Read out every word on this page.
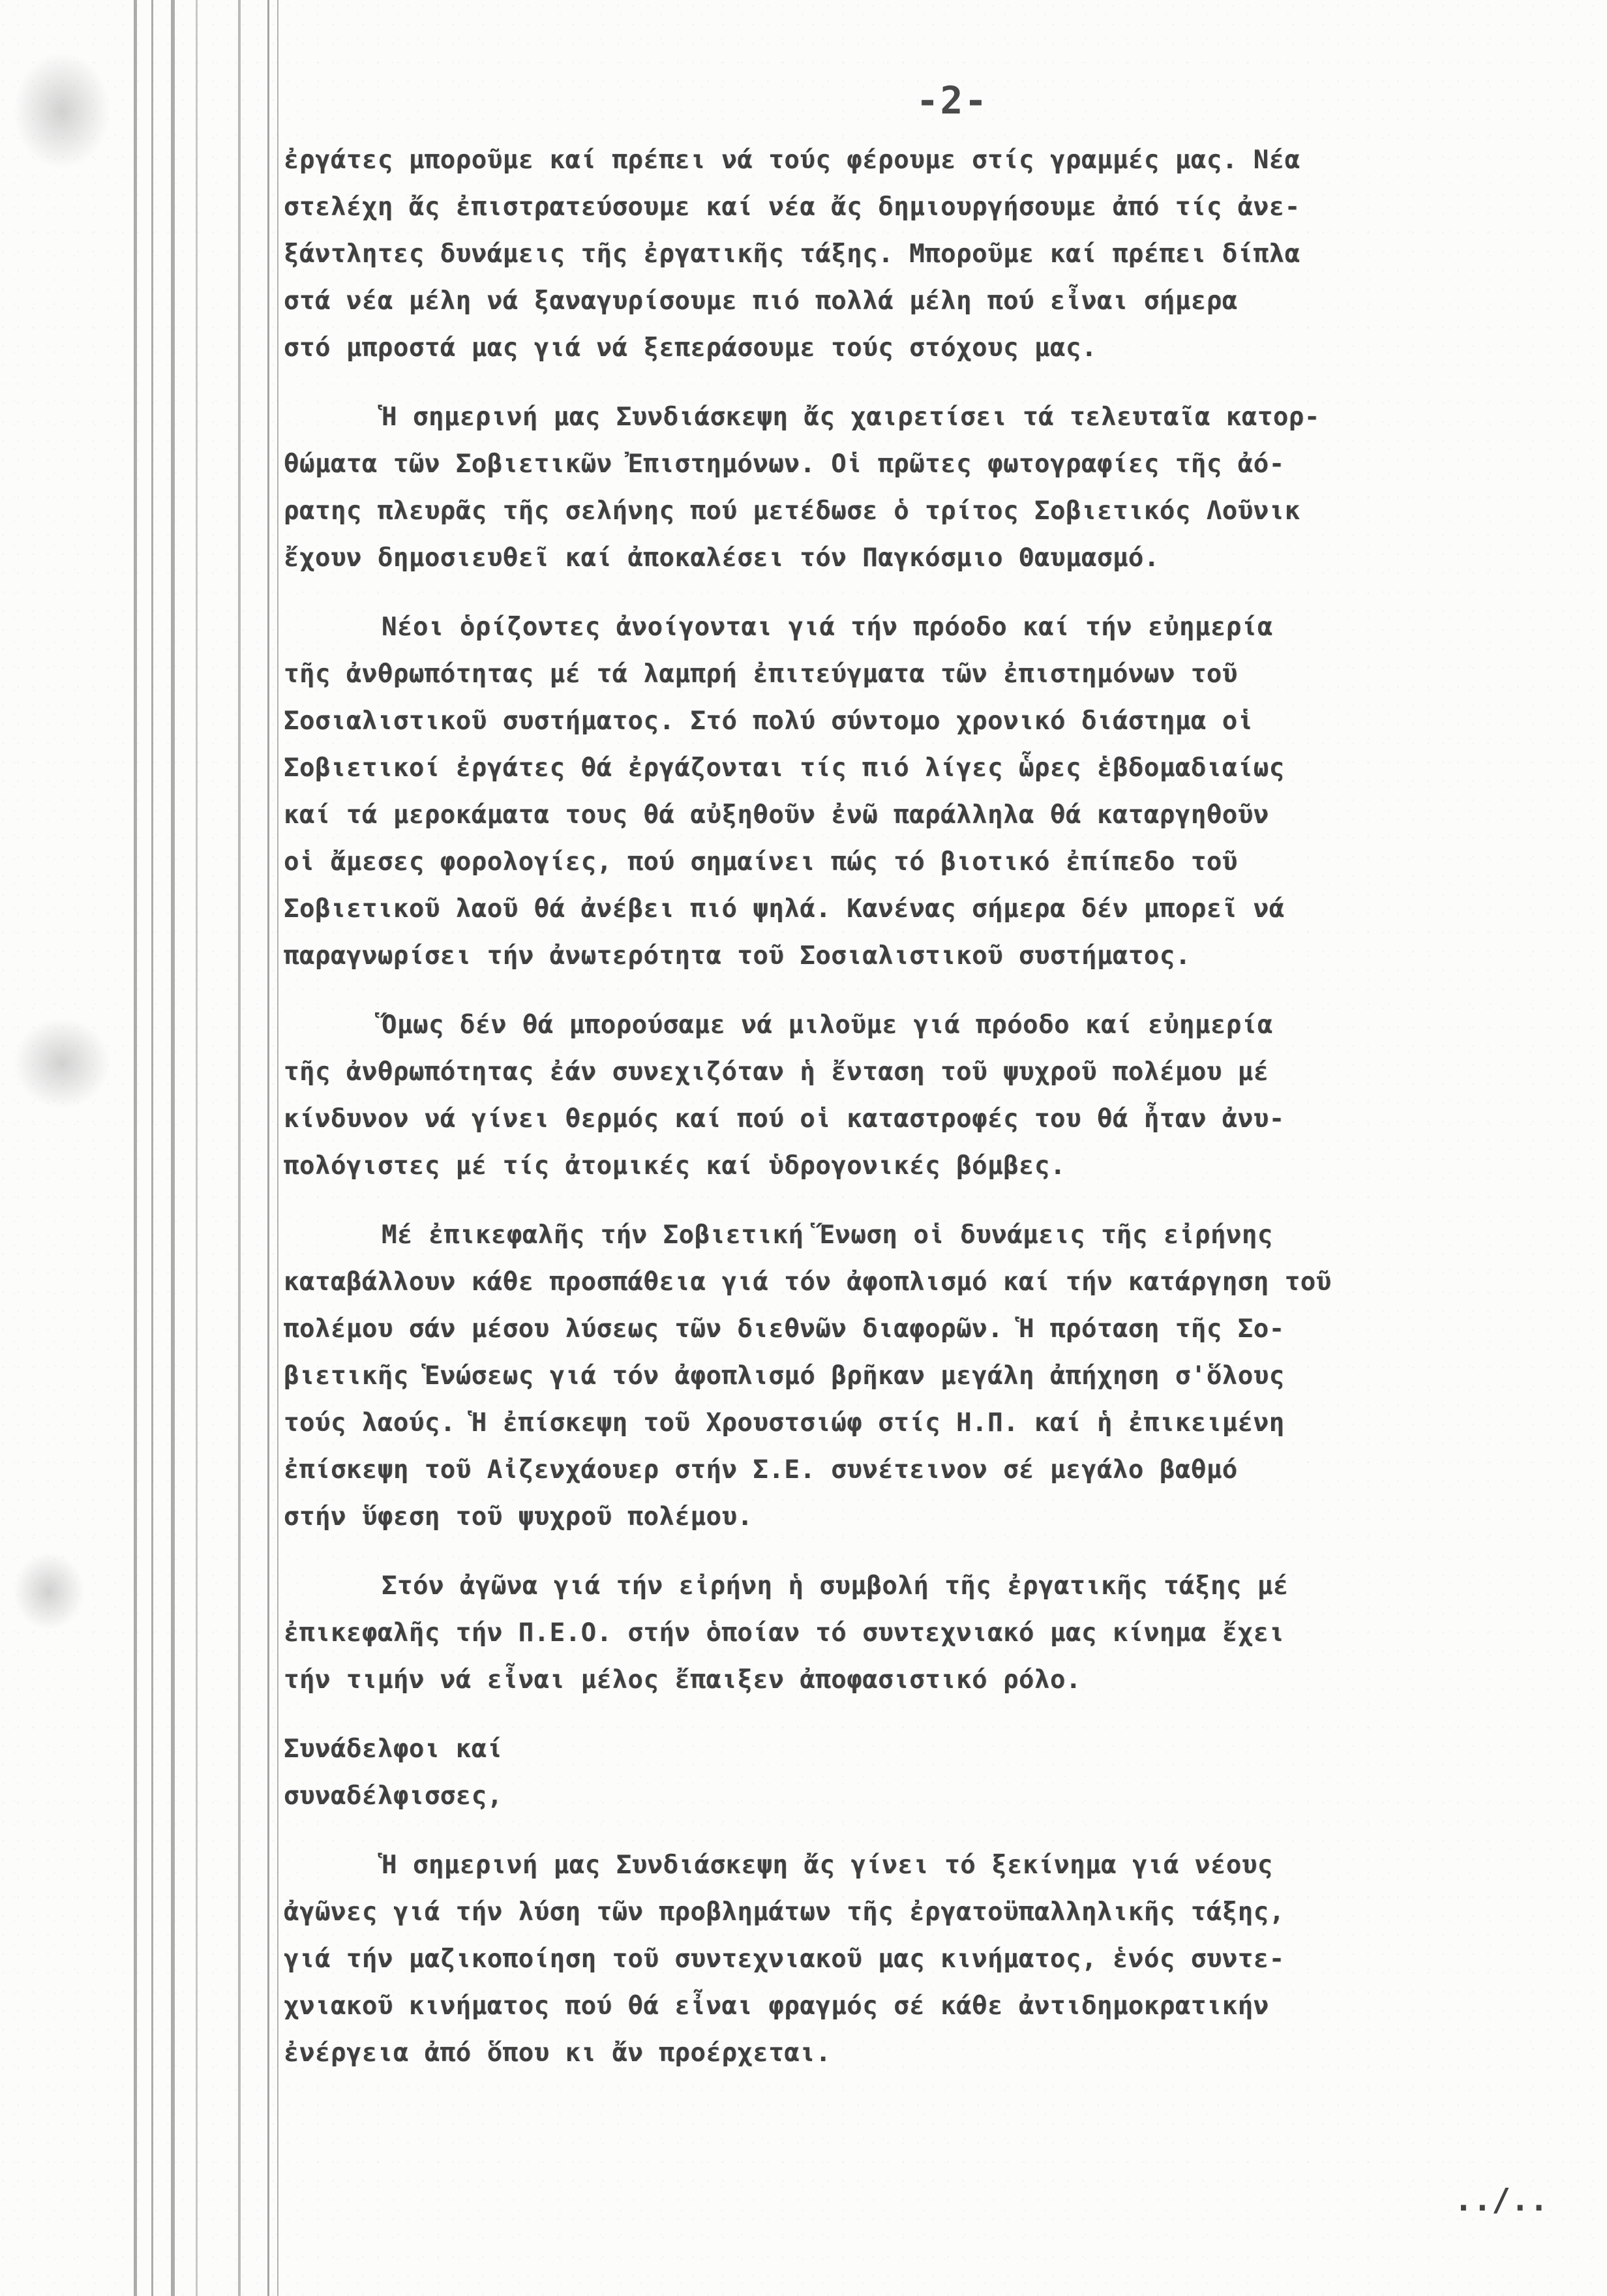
-2-
ἐργάτες μποροῦμε καί πρέπει νά τούς φέρουμε στίς γραμμές μας. Νέα
στελέχη ἄς ἐπιστρατεύσουμε καί νέα ἄς δημιουργήσουμε ἀπό τίς ἀνε-
ξάντλητες δυνάμεις τῆς ἐργατικῆς τάξης. Μποροῦμε καί πρέπει δίπλα
στά νέα μέλη νά ξαναγυρίσουμε πιό πολλά μέλη πού εἶναι σήμερα
στό μπροστά μας γιά νά ξεπεράσουμε τούς στόχους μας.
Ἡ σημερινή μας Συνδιάσκεψη ἄς χαιρετίσει τά τελευταῖα κατορ-
θώματα τῶν Σοβιετικῶν Ἐπιστημόνων. Οἱ πρῶτες φωτογραφίες τῆς ἀό-
ρατης πλευρᾶς τῆς σελήνης πού μετέδωσε ὁ τρίτος Σοβιετικός Λοῦνικ
ἔχουν δημοσιευθεῖ καί ἀποκαλέσει τόν Παγκόσμιο Θαυμασμό.
Νέοι ὁρίζοντες ἀνοίγονται γιά τήν πρόοδο καί τήν εὐημερία
τῆς ἀνθρωπότητας μέ τά λαμπρή ἐπιτεύγματα τῶν ἐπιστημόνων τοῦ
Σοσιαλιστικοῦ συστήματος. Στό πολύ σύντομο χρονικό διάστημα οἱ
Σοβιετικοί ἐργάτες θά ἐργάζονται τίς πιό λίγες ὧρες ἑβδομαδιαίως
καί τά μεροκάματα τους θά αὐξηθοῦν ἐνῶ παράλληλα θά καταργηθοῦν
οἱ ἄμεσες φορολογίες, πού σημαίνει πώς τό βιοτικό ἐπίπεδο τοῦ
Σοβιετικοῦ λαοῦ θά ἀνέβει πιό ψηλά. Κανένας σήμερα δέν μπορεῖ νά
παραγνωρίσει τήν ἀνωτερότητα τοῦ Σοσιαλιστικοῦ συστήματος.
Ὅμως δέν θά μπορούσαμε νά μιλοῦμε γιά πρόοδο καί εὐημερία
τῆς ἀνθρωπότητας ἐάν συνεχιζόταν ἡ ἔνταση τοῦ ψυχροῦ πολέμου μέ
κίνδυνον νά γίνει θερμός καί πού οἱ καταστροφές του θά ἦταν ἀνυ-
πολόγιστες μέ τίς ἀτομικές καί ὑδρογονικές βόμβες.
Μέ ἐπικεφαλῆς τήν Σοβιετική Ἕνωση οἱ δυνάμεις τῆς εἰρήνης
καταβάλλουν κάθε προσπάθεια γιά τόν ἀφοπλισμό καί τήν κατάργηση τοῦ
πολέμου σάν μέσου λύσεως τῶν διεθνῶν διαφορῶν. Ἡ πρόταση τῆς Σο-
βιετικῆς Ἑνώσεως γιά τόν ἀφοπλισμό βρῆκαν μεγάλη ἀπήχηση σ'ὅλους
τούς λαούς. Ἡ ἐπίσκεψη τοῦ Χρουστσιώφ στίς Η.Π. καί ἡ ἐπικειμένη
ἐπίσκεψη τοῦ Αἰζενχάουερ στήν Σ.Ε. συνέτεινον σέ μεγάλο βαθμό
στήν ὕφεση τοῦ ψυχροῦ πολέμου.
Στόν ἀγῶνα γιά τήν εἰρήνη ἡ συμβολή τῆς ἐργατικῆς τάξης μέ
ἐπικεφαλῆς τήν Π.Ε.Ο. στήν ὁποίαν τό συντεχνιακό μας κίνημα ἔχει
τήν τιμήν νά εἶναι μέλος ἔπαιξεν ἀποφασιστικό ρόλο.
Συνάδελφοι καί
συναδέλφισσες,
Ἡ σημερινή μας Συνδιάσκεψη ἄς γίνει τό ξεκίνημα γιά νέους
ἀγῶνες γιά τήν λύση τῶν προβλημάτων τῆς ἐργατοϋπαλληλικῆς τάξης,
γιά τήν μαζικοποίηση τοῦ συντεχνιακοῦ μας κινήματος, ἑνός συντε-
χνιακοῦ κινήματος πού θά εἶναι φραγμός σέ κάθε ἀντιδημοκρατικήν
ἐνέργεια ἀπό ὅπου κι ἄν προέρχεται.
../..
